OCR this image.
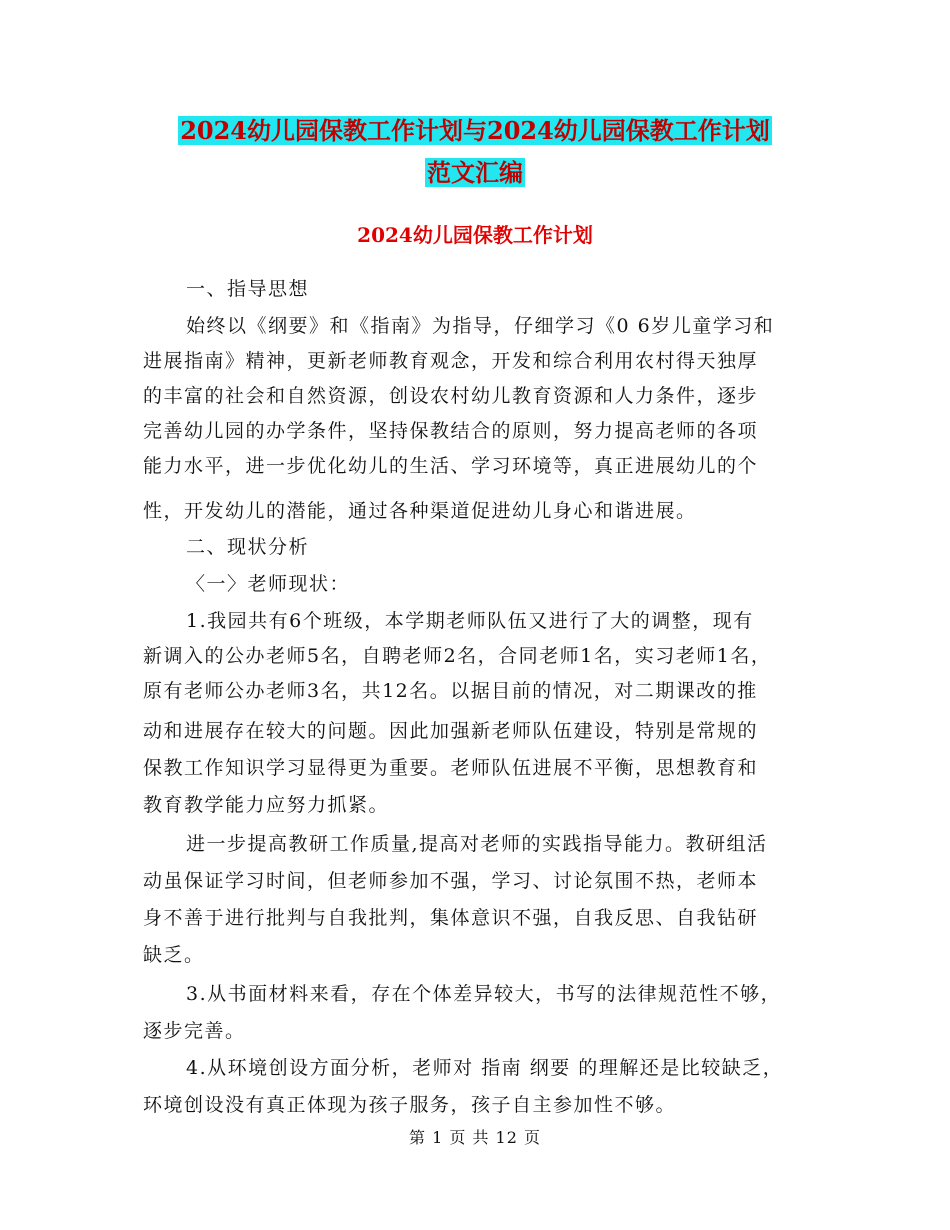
2024幼儿园保教工作计划与2024幼儿园保教工作计划
范文汇编
2024幼儿园保教工作计划
一、指导思想
始终以《纲要》和《指南》为指导，仔细学习《0 6岁儿童学习和
进展指南》精神，更新老师教育观念，开发和综合利用农村得天独厚
的丰富的社会和自然资源，创设农村幼儿教育资源和人力条件，逐步
完善幼儿园的办学条件，坚持保教结合的原则，努力提高老师的各项
能力水平，进一步优化幼儿的生活、学习环境等，真正进展幼儿的个
性，开发幼儿的潜能，通过各种渠道促进幼儿身心和谐进展。
二、现状分析
〈一〉老师现状：
1.我园共有6个班级，本学期老师队伍又进行了大的调整，现有
新调入的公办老师5名，自聘老师2名，合同老师1名，实习老师1名，
原有老师公办老师3名，共12名。以据目前的情况，对二期课改的推
动和进展存在较大的问题。因此加强新老师队伍建设，特别是常规的
保教工作知识学习显得更为重要。老师队伍进展不平衡，思想教育和
教育教学能力应努力抓紧。
进一步提高教研工作质量,提高对老师的实践指导能力。教研组活
动虽保证学习时间，但老师参加不强，学习、讨论氛围不热，老师本
身不善于进行批判与自我批判，集体意识不强，自我反思、自我钻研
缺乏。
3.从书面材料来看，存在个体差异较大，书写的法律规范性不够，
逐步完善。
4.从环境创设方面分析，老师对 指南 纲要 的理解还是比较缺乏，
环境创设没有真正体现为孩子服务，孩子自主参加性不够。
第 1 页 共 12 页
